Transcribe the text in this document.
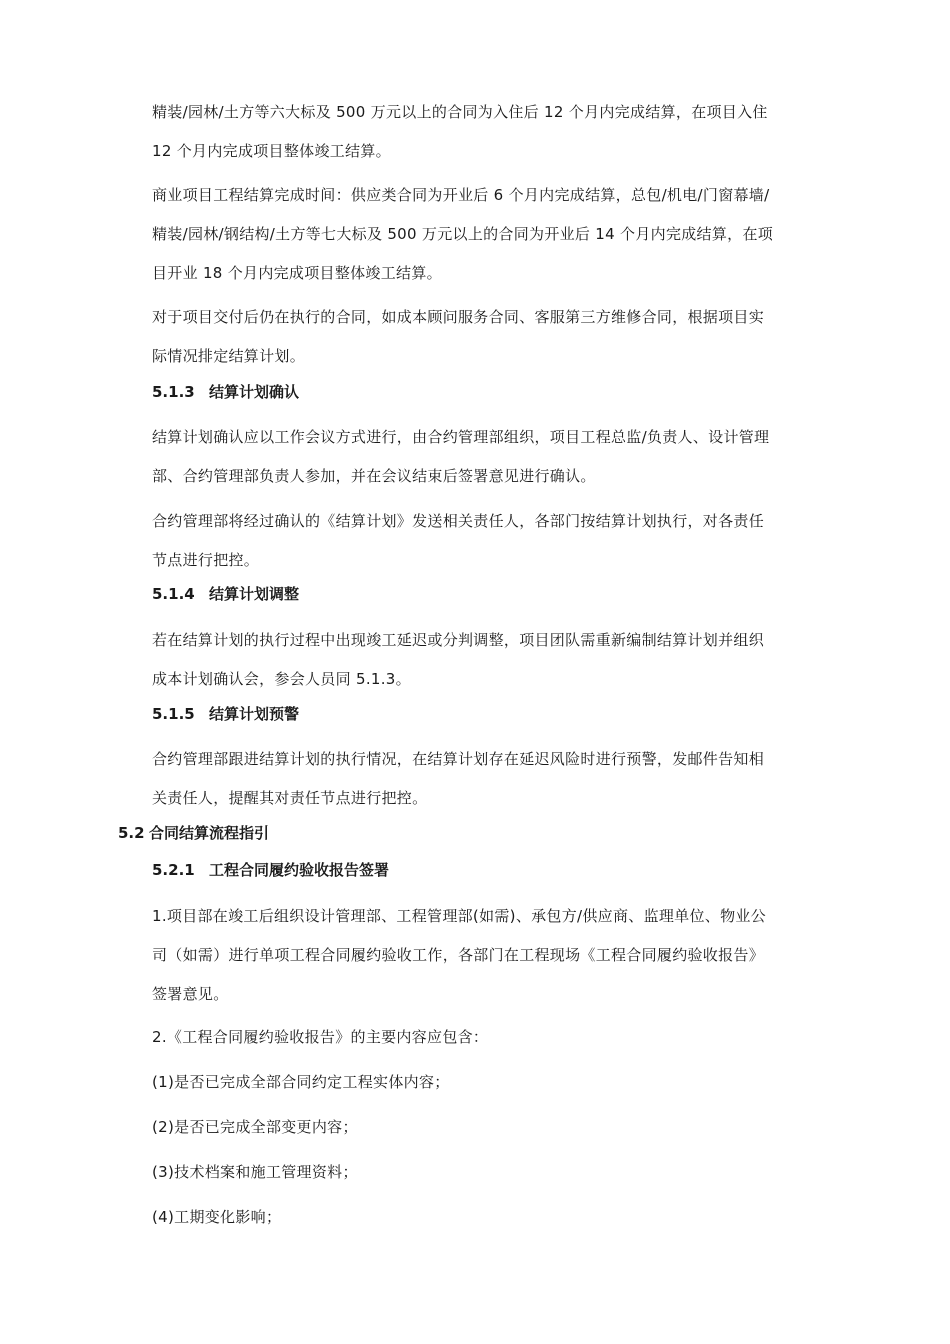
精装/园林/土方等六大标及 500 万元以上的合同为入住后 12 个月内完成结算，在项目入住
12 个月内完成项目整体竣工结算。

商业项目工程结算完成时间：供应类合同为开业后 6 个月内完成结算，总包/机电/门窗幕墙/
精装/园林/钢结构/土方等七大标及 500 万元以上的合同为开业后 14 个月内完成结算，在项
目开业 18 个月内完成项目整体竣工结算。

对于项目交付后仍在执行的合同，如成本顾问服务合同、客服第三方维修合同，根据项目实
际情况排定结算计划。

5.1.3 结算计划确认

结算计划确认应以工作会议方式进行，由合约管理部组织，项目工程总监/负责人、设计管理
部、合约管理部负责人参加，并在会议结束后签署意见进行确认。

合约管理部将经过确认的《结算计划》发送相关责任人，各部门按结算计划执行，对各责任
节点进行把控。

5.1.4 结算计划调整

若在结算计划的执行过程中出现竣工延迟或分判调整，项目团队需重新编制结算计划并组织
成本计划确认会，参会人员同 5.1.3。

5.1.5 结算计划预警

合约管理部跟进结算计划的执行情况，在结算计划存在延迟风险时进行预警，发邮件告知相
关责任人，提醒其对责任节点进行把控。

5.2 合同结算流程指引
5.2.1 工程合同履约验收报告签署

1.项目部在竣工后组织设计管理部、工程管理部(如需)、承包方/供应商、监理单位、物业公
司（如需）进行单项工程合同履约验收工作，各部门在工程现场《工程合同履约验收报告》
签署意见。

2.《工程合同履约验收报告》的主要内容应包含：

(1)是否已完成全部合同约定工程实体内容；

(2)是否已完成全部变更内容；

(3)技术档案和施工管理资料；

(4)工期变化影响；
